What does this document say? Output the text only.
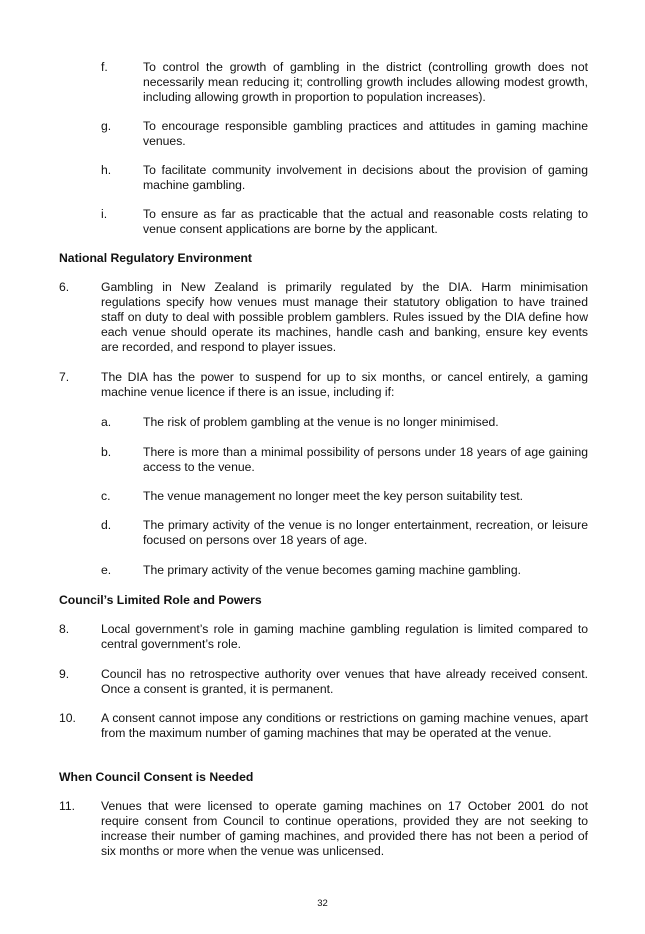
f.	To control the growth of gambling in the district (controlling growth does not necessarily mean reducing it; controlling growth includes allowing modest growth, including allowing growth in proportion to population increases).
g.	To encourage responsible gambling practices and attitudes in gaming machine venues.
h.	To facilitate community involvement in decisions about the provision of gaming machine gambling.
i.	To ensure as far as practicable that the actual and reasonable costs relating to venue consent applications are borne by the applicant.
National Regulatory Environment
6.	Gambling in New Zealand is primarily regulated by the DIA. Harm minimisation regulations specify how venues must manage their statutory obligation to have trained staff on duty to deal with possible problem gamblers. Rules issued by the DIA define how each venue should operate its machines, handle cash and banking, ensure key events are recorded, and respond to player issues.
7.	The DIA has the power to suspend for up to six months, or cancel entirely, a gaming machine venue licence if there is an issue, including if:
a.	The risk of problem gambling at the venue is no longer minimised.
b.	There is more than a minimal possibility of persons under 18 years of age gaining access to the venue.
c.	The venue management no longer meet the key person suitability test.
d.	The primary activity of the venue is no longer entertainment, recreation, or leisure focused on persons over 18 years of age.
e.	The primary activity of the venue becomes gaming machine gambling.
Council’s Limited Role and Powers
8.	Local government’s role in gaming machine gambling regulation is limited compared to central government’s role.
9.	Council has no retrospective authority over venues that have already received consent. Once a consent is granted, it is permanent.
10. A consent cannot impose any conditions or restrictions on gaming machine venues, apart from the maximum number of gaming machines that may be operated at the venue.
When Council Consent is Needed
11. Venues that were licensed to operate gaming machines on 17 October 2001 do not require consent from Council to continue operations, provided they are not seeking to increase their number of gaming machines, and provided there has not been a period of six months or more when the venue was unlicensed.
32
